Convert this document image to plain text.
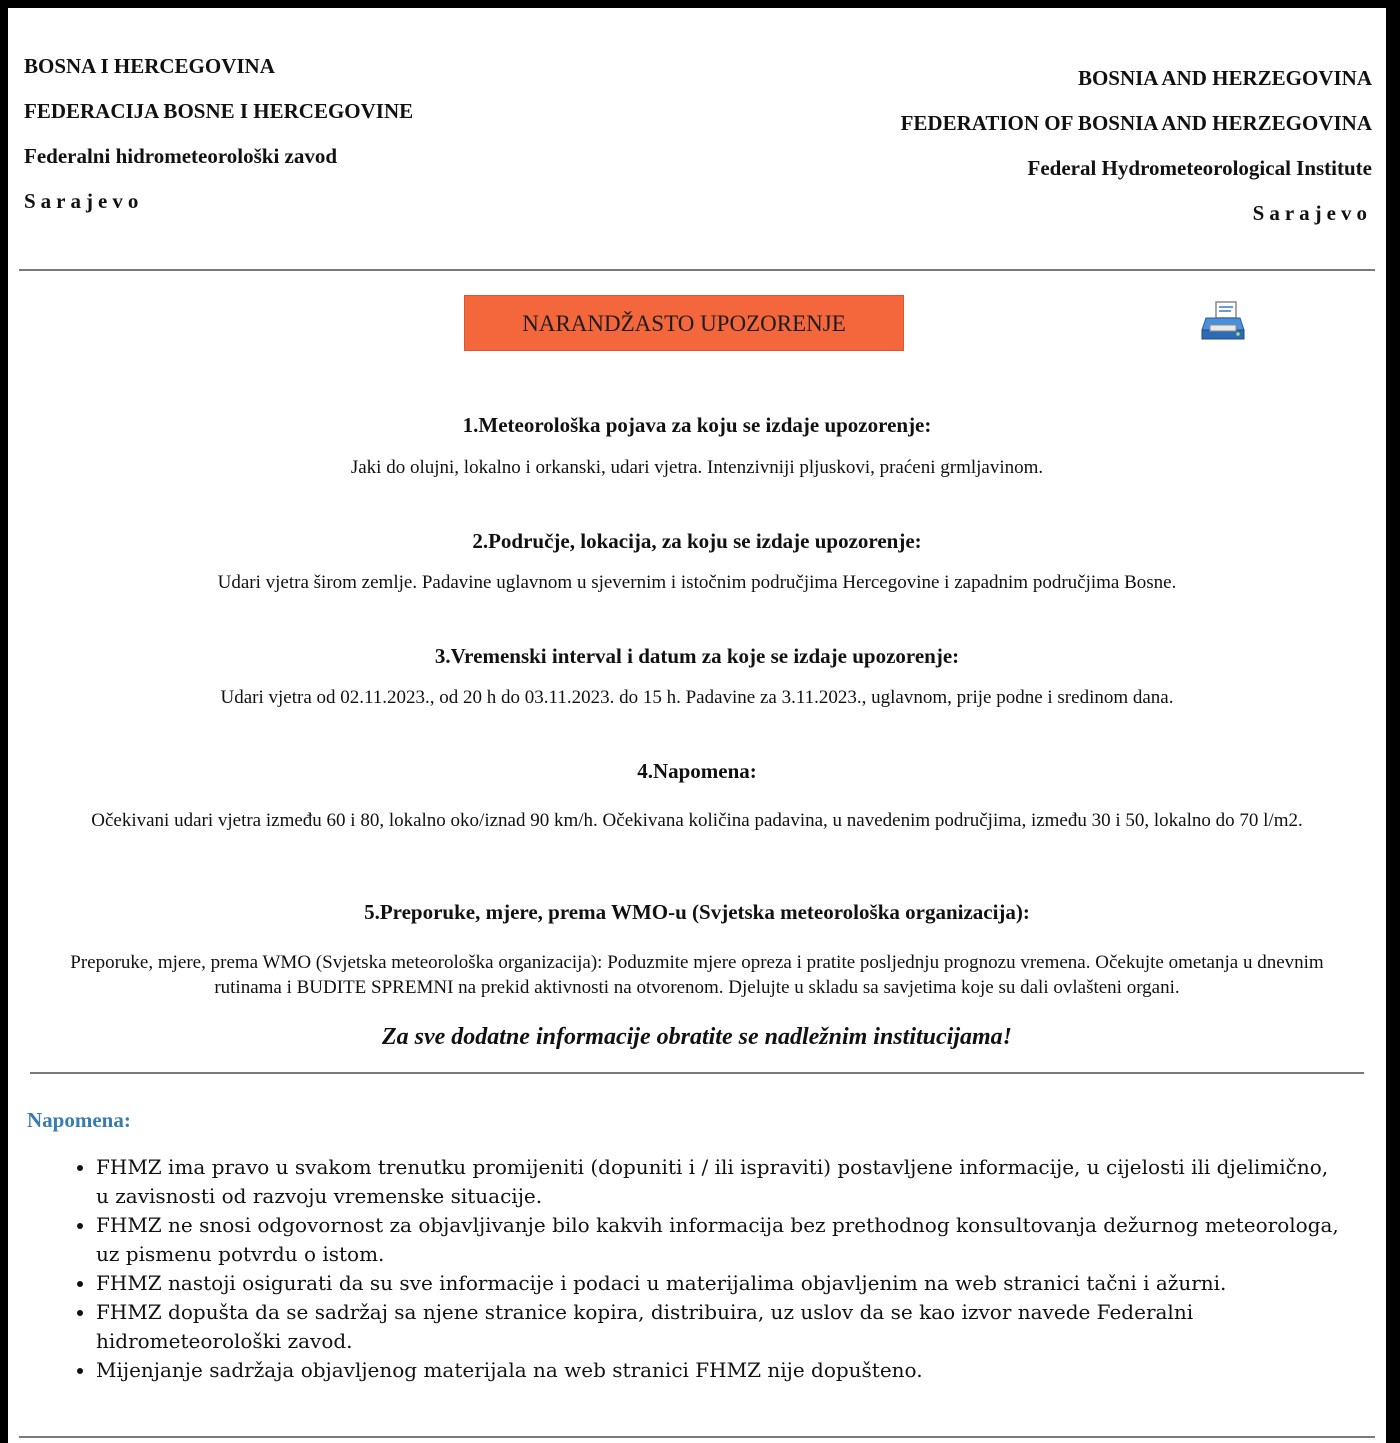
BOSNA I HERCEGOVINA
FEDERACIJA BOSNE I HERCEGOVINE
Federalni hidrometeorološki zavod
Sarajevo
BOSNIA AND HERZEGOVINA
FEDERATION OF BOSNIA AND HERZEGOVINA
Federal Hydrometeorological Institute
Sarajevo
NARANDŽASTO UPOZORENJE
1.Meteorološka pojava za koju se izdaje upozorenje:
Jaki do olujni, lokalno i orkanski, udari vjetra. Intenzivniji pljuskovi, praćeni grmljavinom.
2.Područje, lokacija, za koju se izdaje upozorenje:
Udari vjetra širom zemlje. Padavine uglavnom u sjevernim i istočnim područjima Hercegovine i zapadnim područjima Bosne.
3.Vremenski interval i datum za koje se izdaje upozorenje:
Udari vjetra od 02.11.2023., od 20 h do 03.11.2023. do 15 h. Padavine za 3.11.2023., uglavnom, prije podne i sredinom dana.
4.Napomena:
Očekivani udari vjetra između 60 i 80, lokalno oko/iznad 90 km/h. Očekivana količina padavina, u navedenim područjima, između 30 i 50, lokalno do 70 l/m2.
5.Preporuke, mjere, prema WMO-u (Svjetska meteorološka organizacija):
Preporuke, mjere, prema WMO (Svjetska meteorološka organizacija): Poduzmite mjere opreza i pratite posljednju prognozu vremena. Očekujte ometanja u dnevnim rutinama i BUDITE SPREMNI na prekid aktivnosti na otvorenom. Djelujte u skladu sa savjetima koje su dali ovlašteni organi.
Za sve dodatne informacije obratite se nadležnim institucijama!
Napomena:
• FHMZ ima pravo u svakom trenutku promijeniti (dopuniti i / ili ispraviti) postavljene informacije, u cijelosti ili djelimično, u zavisnosti od razvoju vremenske situacije.
• FHMZ ne snosi odgovornost za objavljivanje bilo kakvih informacija bez prethodnog konsultovanja dežurnog meteorologa, uz pismenu potvrdu o istom.
• FHMZ nastoji osigurati da su sve informacije i podaci u materijalima objavljenim na web stranici tačni i ažurni.
• FHMZ dopušta da se sadržaj sa njene stranice kopira, distribuira, uz uslov da se kao izvor navede Federalni hidrometeorološki zavod.
• Mijenjanje sadržaja objavljenog materijala na web stranici FHMZ nije dopušteno.
